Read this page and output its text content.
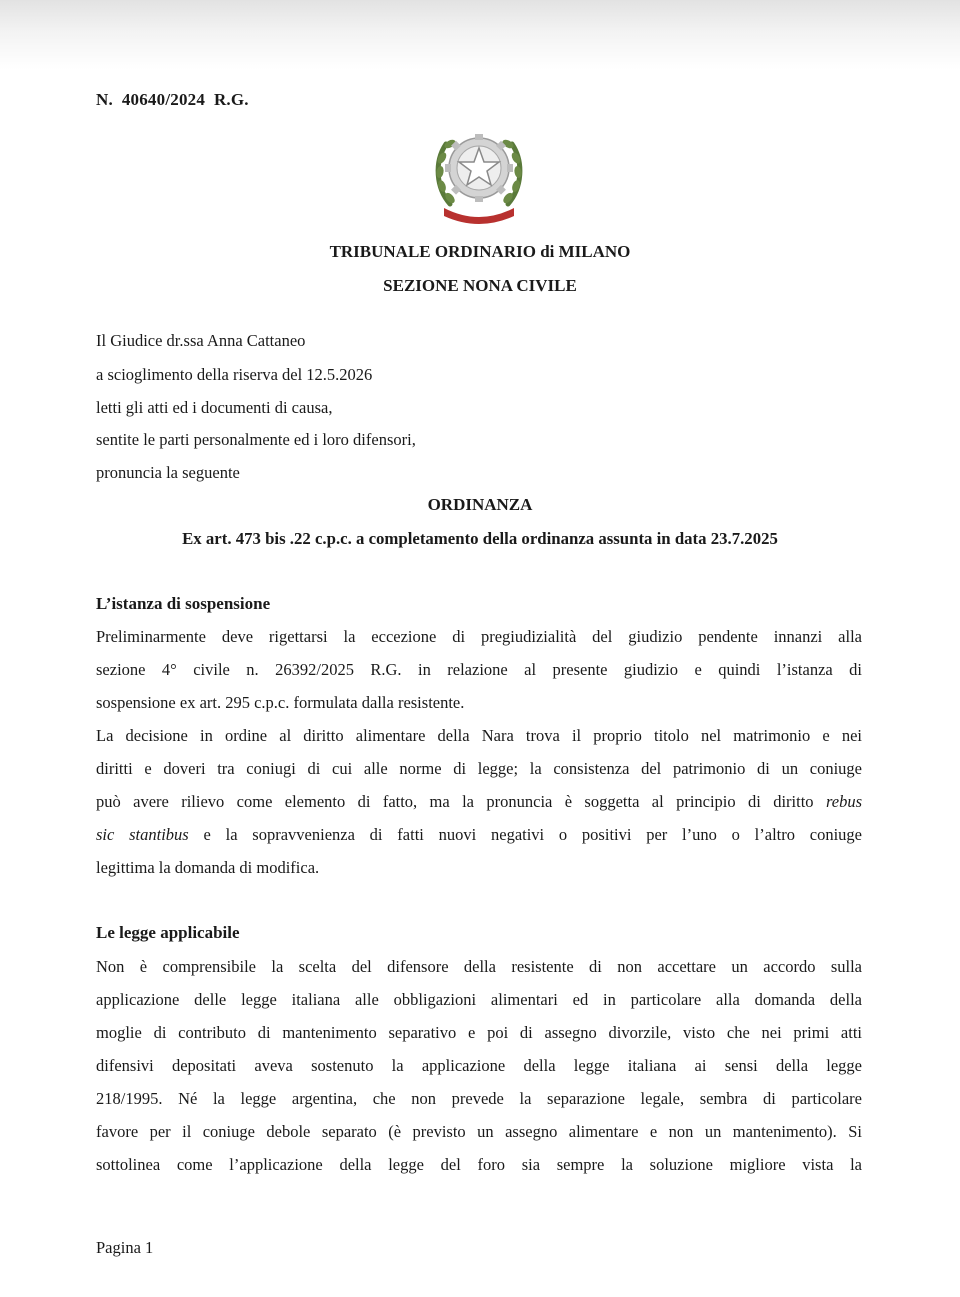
N.  40640/2024  R.G.
TRIBUNALE ORDINARIO di MILANO
SEZIONE NONA CIVILE
Il Giudice dr.ssa Anna Cattaneo
a scioglimento della riserva del 12.5.2026
letti gli atti ed i documenti di causa,
sentite le parti personalmente ed i loro difensori,
pronuncia la seguente
ORDINANZA
Ex art. 473 bis .22 c.p.c. a completamento della ordinanza assunta in data 23.7.2025
L’istanza di sospensione
Preliminarmente deve rigettarsi la eccezione di pregiudizialità del giudizio pendente innanzi alla
sezione 4° civile n. 26392/2025 R.G. in relazione al presente giudizio e quindi l’istanza di
sospensione ex art. 295 c.p.c. formulata dalla resistente.
La decisione in ordine al diritto alimentare della Nara trova il proprio titolo nel matrimonio e nei
diritti e doveri tra coniugi di cui alle norme di legge; la consistenza del patrimonio di un coniuge
può avere rilievo come elemento di fatto, ma la pronuncia è soggetta al principio di diritto rebus
sic stantibus e la sopravvenienza di fatti nuovi negativi o positivi per l’uno o l’altro coniuge
legittima la domanda di modifica.
Le legge applicabile
Non è comprensibile la scelta del difensore della resistente di non accettare un accordo sulla
applicazione delle legge italiana alle obbligazioni alimentari ed in particolare alla domanda della
moglie di contributo di mantenimento separativo e poi di assegno divorzile, visto che nei primi atti
difensivi depositati aveva sostenuto la applicazione della legge italiana ai sensi della legge
218/1995. Né la legge argentina, che non prevede la separazione legale, sembra di particolare
favore per il coniuge debole separato (è previsto un assegno alimentare e non un mantenimento). Si
sottolinea come l’applicazione della legge del foro sia sempre la soluzione migliore vista la
Pagina 1
